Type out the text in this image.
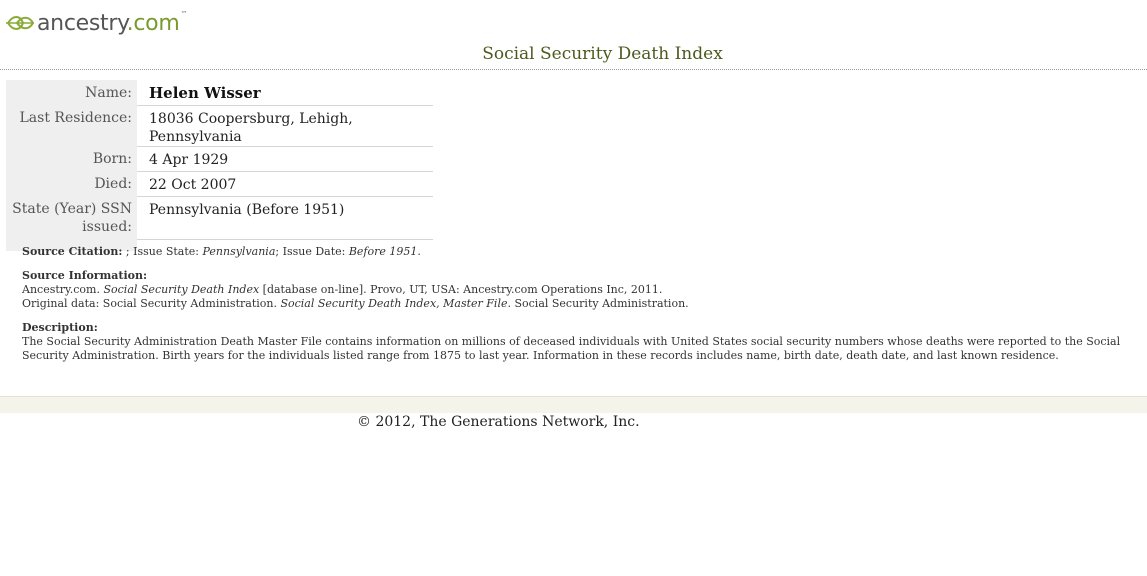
ancestry.com ™
Social Security Death Index
Name:	Helen Wisser
Last Residence:	18036 Coopersburg, Lehigh, Pennsylvania
Born:	4 Apr 1929
Died:	22 Oct 2007
State (Year) SSN issued:	Pennsylvania (Before 1951)

Source Citation: ; Issue State: Pennsylvania; Issue Date: Before 1951.
Source Information:
Ancestry.com. Social Security Death Index [database on-line]. Provo, UT, USA: Ancestry.com Operations Inc, 2011.
Original data: Social Security Administration. Social Security Death Index, Master File. Social Security Administration.
Description:
The Social Security Administration Death Master File contains information on millions of deceased individuals with United States social security numbers whose deaths were reported to the Social Security Administration. Birth years for the individuals listed range from 1875 to last year. Information in these records includes name, birth date, death date, and last known residence.
© 2012, The Generations Network, Inc.
